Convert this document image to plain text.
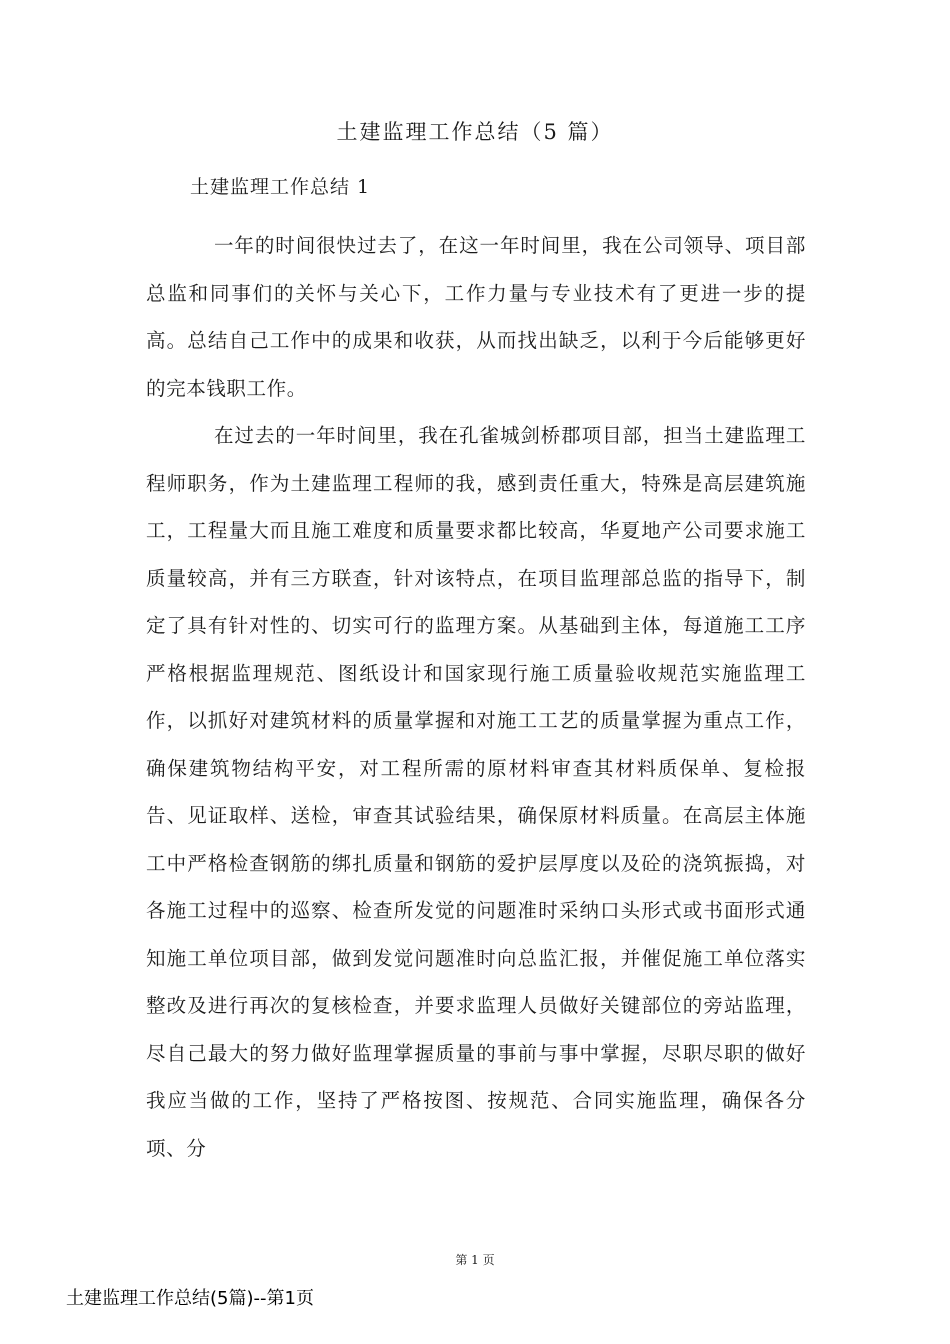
土建监理工作总结（5 篇）
土建监理工作总结 1

一年的时间很快过去了，在这一年时间里，我在公司领导、项目部总监和同事们的关怀与关心下，工作力量与专业技术有了更进一步的提高。总结自己工作中的成果和收获，从而找出缺乏，以利于今后能够更好的完本钱职工作。

在过去的一年时间里，我在孔雀城剑桥郡项目部，担当土建监理工程师职务，作为土建监理工程师的我，感到责任重大，特殊是高层建筑施工，工程量大而且施工难度和质量要求都比较高，华夏地产公司要求施工质量较高，并有三方联查，针对该特点，在项目监理部总监的指导下，制定了具有针对性的、切实可行的监理方案。从基础到主体，每道施工工序严格根据监理规范、图纸设计和国家现行施工质量验收规范实施监理工作，以抓好对建筑材料的质量掌握和对施工工艺的质量掌握为重点工作，确保建筑物结构平安，对工程所需的原材料审查其材料质保单、复检报告、见证取样、送检，审查其试验结果，确保原材料质量。在高层主体施工中严格检查钢筋的绑扎质量和钢筋的爱护层厚度以及砼的浇筑振捣，对各施工过程中的巡察、检查所发觉的问题准时采纳口头形式或书面形式通知施工单位项目部，做到发觉问题准时向总监汇报，并催促施工单位落实整改及进行再次的复核检查，并要求监理人员做好关键部位的旁站监理，尽自己最大的努力做好监理掌握质量的事前与事中掌握，尽职尽职的做好我应当做的工作，坚持了严格按图、按规范、合同实施监理，确保各分项、分

第 1 页
土建监理工作总结(5篇)--第1页
